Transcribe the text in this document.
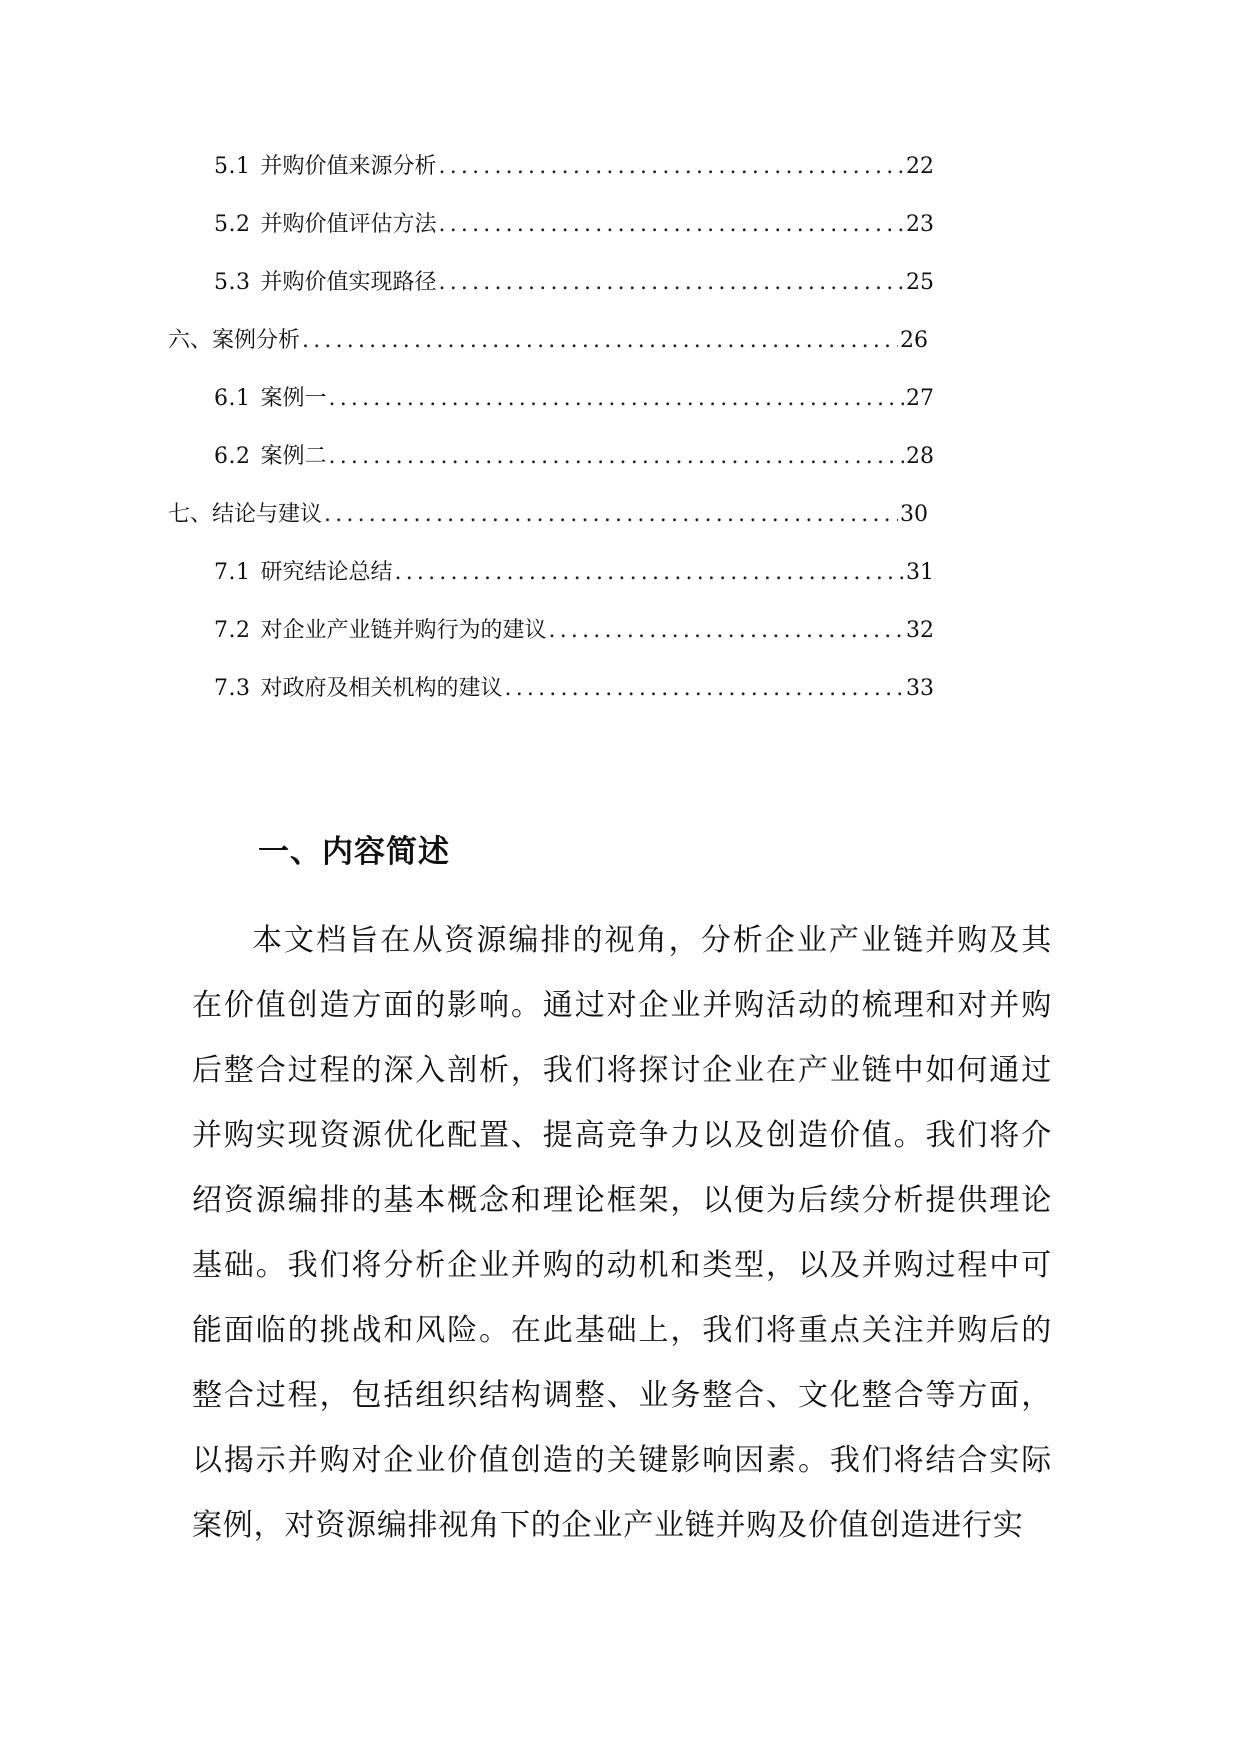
5.1 并购价值来源分析 .....	22
5.2 并购价值评估方法 .....	23
5.3 并购价值实现路径 .....	25
六、案例分析 .....	26
6.1 案例一 .....	27
6.2 案例二 .....	28
七、结论与建议 .....	30
7.1 研究结论总结 .....	31
7.2 对企业产业链并购行为的建议 .....	32
7.3 对政府及相关机构的建议 .....	33
一、内容简述

本文档旨在从资源编排的视角，分析企业产业链并购及其在价值创造方面的影响。通过对企业并购活动的梳理和对并购后整合过程的深入剖析，我们将探讨企业在产业链中如何通过并购实现资源优化配置、提高竞争力以及创造价值。我们将介绍资源编排的基本概念和理论框架，以便为后续分析提供理论基础。我们将分析企业并购的动机和类型，以及并购过程中可能面临的挑战和风险。在此基础上，我们将重点关注并购后的整合过程，包括组织结构调整、业务整合、文化整合等方面，以揭示并购对企业价值创造的关键影响因素。我们将结合实际案例，对资源编排视角下的企业产业链并购及价值创造进行实
